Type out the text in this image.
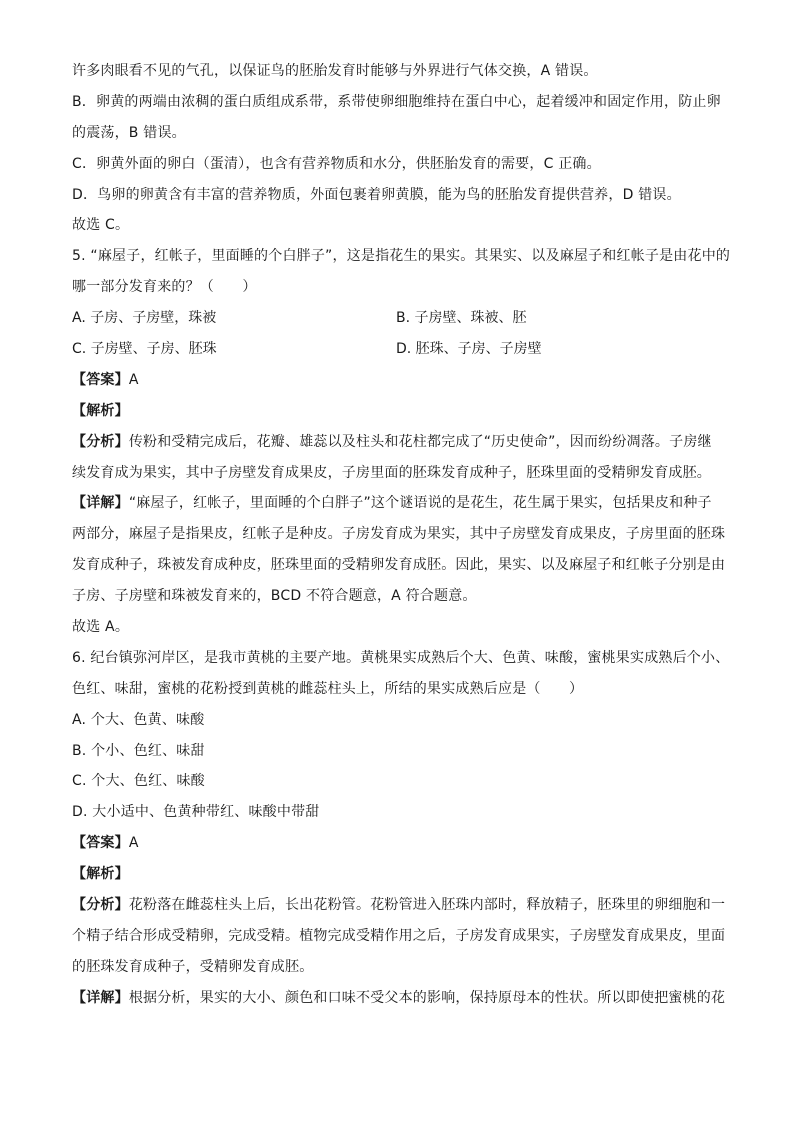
许多肉眼看不见的气孔，以保证鸟的胚胎发育时能够与外界进行气体交换，A 错误。
B．卵黄的两端由浓稠的蛋白质组成系带，系带使卵细胞维持在蛋白中心，起着缓冲和固定作用，防止卵
的震荡，B 错误。
C．卵黄外面的卵白（蛋清），也含有营养物质和水分，供胚胎发育的需要，C 正确。
D．鸟卵的卵黄含有丰富的营养物质，外面包裹着卵黄膜，能为鸟的胚胎发育提供营养，D 错误。
故选 C。
5. “麻屋子，红帐子，里面睡的个白胖子”，这是指花生的果实。其果实、以及麻屋子和红帐子是由花中的
哪一部分发育来的？（　　）
A. 子房、子房壁，珠被	B. 子房壁、珠被、胚
C. 子房壁、子房、胚珠	D. 胚珠、子房、子房壁
【答案】A
【解析】
【分析】传粉和受精完成后，花瓣、雄蕊以及柱头和花柱都完成了“历史使命”，因而纷纷凋落。子房继
续发育成为果实，其中子房壁发育成果皮，子房里面的胚珠发育成种子，胚珠里面的受精卵发育成胚。
【详解】“麻屋子，红帐子，里面睡的个白胖子”这个谜语说的是花生，花生属于果实，包括果皮和种子
两部分，麻屋子是指果皮，红帐子是种皮。子房发育成为果实，其中子房壁发育成果皮，子房里面的胚珠
发育成种子，珠被发育成种皮，胚珠里面的受精卵发育成胚。因此，果实、以及麻屋子和红帐子分别是由
子房、子房壁和珠被发育来的，BCD 不符合题意，A 符合题意。
故选 A。
6. 纪台镇弥河岸区，是我市黄桃的主要产地。黄桃果实成熟后个大、色黄、味酸，蜜桃果实成熟后个小、
色红、味甜，蜜桃的花粉授到黄桃的雌蕊柱头上，所结的果实成熟后应是（　　）
A. 个大、色黄、味酸
B. 个小、色红、味甜
C. 个大、色红、味酸
D. 大小适中、色黄种带红、味酸中带甜
【答案】A
【解析】
【分析】花粉落在雌蕊柱头上后，长出花粉管。花粉管进入胚珠内部时，释放精子，胚珠里的卵细胞和一
个精子结合形成受精卵，完成受精。植物完成受精作用之后，子房发育成果实，子房壁发育成果皮，里面
的胚珠发育成种子，受精卵发育成胚。
【详解】根据分析，果实的大小、颜色和口味不受父本的影响，保持原母本的性状。所以即使把蜜桃的花
